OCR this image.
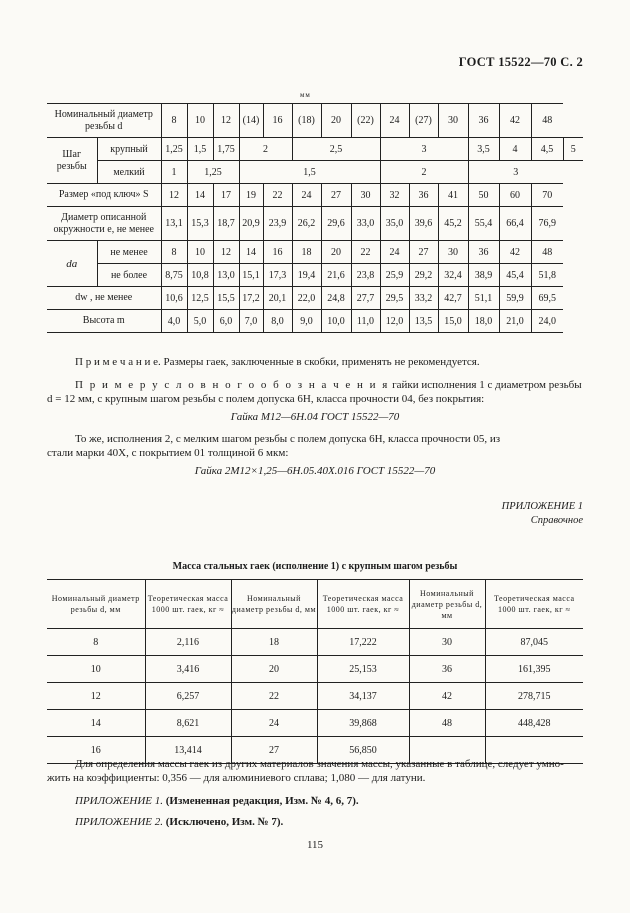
ГОСТ 15522—70 С. 2
мм
Номинальный диаметр резьбы d		8	10	12	(14)	16	(18)	20	(22)	24	(27)	30	36	42	48	
Шаг резьбы	крупный	1,25	1,5	1,75	2		2,5			3			3,5	4	4,5	5
	мелкий	1	1,25		1,5					2			3			
Размер «под ключ» S		12	14	17	19	22	24	27	30	32	36	41	50	60	70	
Диаметр описанной окружности e, не менее		13,1	15,3	18,7	20,9	23,9	26,2	29,6	33,0	35,0	39,6	45,2	55,4	66,4	76,9	
dа	не менее	8	10	12	14	16	18	20	22	24	27	30	36	42	48	
	не более	8,75	10,8	13,0	15,1	17,3	19,4	21,6	23,8	25,9	29,2	32,4	38,9	45,4	51,8	
dw , не менее		10,6	12,5	15,5	17,2	20,1	22,0	24,8	27,7	29,5	33,2	42,7	51,1	59,9	69,5	
Высота m		4,0	5,0	6,0	7,0	8,0	9,0	10,0	11,0	12,0	13,5	15,0	18,0	21,0	24,0	
П р и м е ч а н и е. Размеры гаек, заключенные в скобки, применять не рекомендуется.
П р и м е р у с л о в н о г о о б о з н а ч е н и я гайки исполнения 1 с диаметром резьбы
d = 12 мм, с крупным шагом резьбы с полем допуска 6Н, класса прочности 04, без покрытия:
Гайка М12—6Н.04 ГОСТ 15522—70
То же, исполнения 2, с мелким шагом резьбы с полем допуска 6Н, класса прочности 05, из
стали марки 40Х, с покрытием 01 толщиной 6 мкм:
Гайка 2М12×1,25—6Н.05.40Х.016 ГОСТ 15522—70
ПРИЛОЖЕНИЕ 1
Справочное
Масса стальных гаек (исполнение 1) с крупным шагом резьбы
Номинальный диаметр резьбы d, мм	Теоретическая масса 1000 шт. гаек, кг ≈	Номинальный диаметр резьбы d, мм	Теоретическая масса 1000 шт. гаек, кг ≈	Номинальный диаметр резьбы d, мм	Теоретическая масса 1000 шт. гаек, кг ≈
8	2,116	18	17,222	30	87,045
10	3,416	20	25,153	36	161,395
12	6,257	22	34,137	42	278,715
14	8,621	24	39,868	48	448,428
16	13,414	27	56,850		
Для определения массы гаек из других материалов значения массы, указанные в таблице, следует умно-
жить на коэффициенты: 0,356 — для алюминиевого сплава; 1,080 — для латуни.
ПРИЛОЖЕНИЕ 1. (Измененная редакция, Изм. № 4, 6, 7).
ПРИЛОЖЕНИЕ 2. (Исключено, Изм. № 7).
115
